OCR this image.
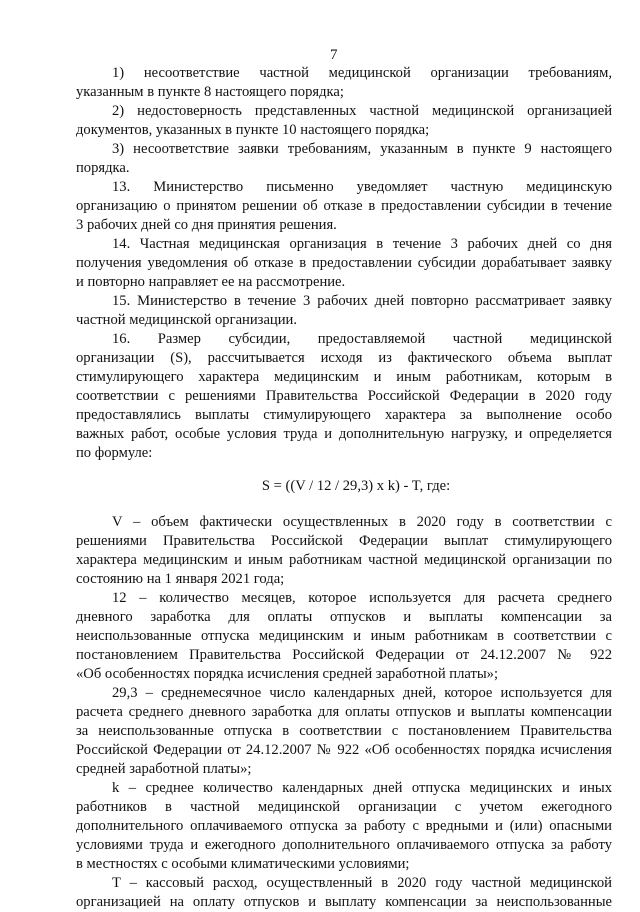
7
1) несоответствие частной медицинской организации требованиям,
указанным в пункте 8 настоящего порядка;
2) недостоверность представленных частной медицинской организацией
документов, указанных в пункте 10 настоящего порядка;
3) несоответствие заявки требованиям, указанным в пункте 9 настоящего
порядка.
13. Министерство письменно уведомляет частную медицинскую
организацию о принятом решении об отказе в предоставлении субсидии в течение
3 рабочих дней со дня принятия решения.
14. Частная медицинская организация в течение 3 рабочих дней со дня
получения уведомления об отказе в предоставлении субсидии дорабатывает заявку
и повторно направляет ее на рассмотрение.
15. Министерство в течение 3 рабочих дней повторно рассматривает заявку
частной медицинской организации.
16. Размер субсидии, предоставляемой частной медицинской
организации (S), рассчитывается исходя из фактического объема выплат
стимулирующего характера медицинским и иным работникам, которым в
соответствии с решениями Правительства Российской Федерации в 2020 году
предоставлялись выплаты стимулирующего характера за выполнение особо
важных работ, особые условия труда и дополнительную нагрузку, и определяется
по формуле:
S = ((V / 12 / 29,3) x k) - T, где:
V – объем фактически осуществленных в 2020 году в соответствии с
решениями Правительства Российской Федерации выплат стимулирующего
характера медицинским и иным работникам частной медицинской организации по
состоянию на 1 января 2021 года;
12 – количество месяцев, которое используется для расчета среднего
дневного заработка для оплаты отпусков и выплаты компенсации за
неиспользованные отпуска медицинским и иным работникам в соответствии с
постановлением Правительства Российской Федерации от 24.12.2007 № 922
«Об особенностях порядка исчисления средней заработной платы»;
29,3 – среднемесячное число календарных дней, которое используется для
расчета среднего дневного заработка для оплаты отпусков и выплаты компенсации
за неиспользованные отпуска в соответствии с постановлением Правительства
Российской Федерации от 24.12.2007 № 922 «Об особенностях порядка исчисления
средней заработной платы»;
k – среднее количество календарных дней отпуска медицинских и иных
работников в частной медицинской организации с учетом ежегодного
дополнительного оплачиваемого отпуска за работу с вредными и (или) опасными
условиями труда и ежегодного дополнительного оплачиваемого отпуска за работу
в местностях с особыми климатическими условиями;
T – кассовый расход, осуществленный в 2020 году частной медицинской
организацией на оплату отпусков и выплату компенсации за неиспользованные
